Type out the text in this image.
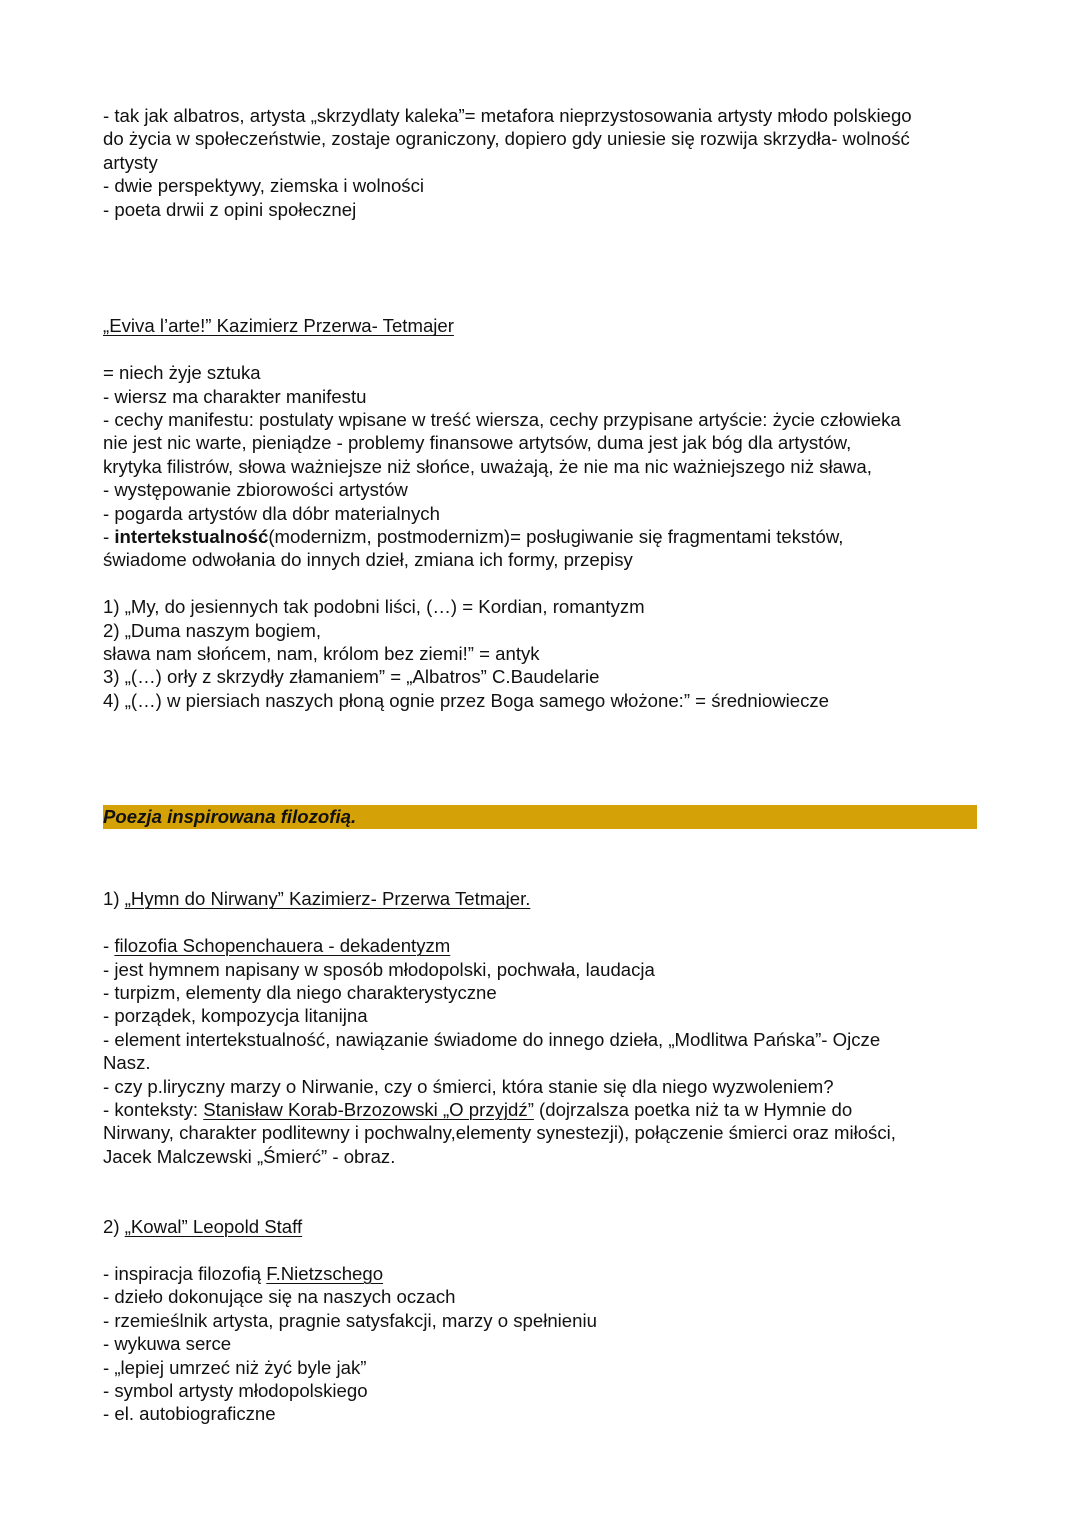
- tak jak albatros, artysta „skrzydlaty kaleka”= metafora nieprzystosowania artysty młodo polskiego
do życia w społeczeństwie, zostaje ograniczony, dopiero gdy uniesie się rozwija skrzydła- wolność
artysty
- dwie perspektywy, ziemska i wolności
- poeta drwii z opini społecznej
„Eviva l’arte!” Kazimierz Przerwa- Tetmajer
= niech żyje sztuka
- wiersz ma charakter manifestu
- cechy manifestu: postulaty wpisane w treść wiersza, cechy przypisane artyście: życie człowieka
nie jest nic warte, pieniądze - problemy finansowe artytsów, duma jest jak bóg dla artystów,
krytyka filistrów, słowa ważniejsze niż słońce, uważają, że nie ma nic ważniejszego niż sława,
- występowanie zbiorowości artystów
- pogarda artystów dla dóbr materialnych
- intertekstualność(modernizm, postmodernizm)= posługiwanie się fragmentami tekstów,
świadome odwołania do innych dzieł, zmiana ich formy, przepisy
1) „My, do jesiennych tak podobni liści, (…) = Kordian, romantyzm
2) „Duma naszym bogiem,
sława nam słońcem, nam, królom bez ziemi!” = antyk
3) „(…) orły z skrzydły złamaniem” = „Albatros” C.Baudelarie
4) „(…) w piersiach naszych płoną ognie przez Boga samego włożone:” = średniowiecze
Poezja inspirowana filozofią.
1) „Hymn do Nirwany” Kazimierz- Przerwa Tetmajer.
- filozofia Schopenchauera - dekadentyzm
- jest hymnem napisany w sposób młodopolski, pochwała, laudacja
- turpizm, elementy dla niego charakterystyczne
- porządek, kompozycja litanijna
- element intertekstualność, nawiązanie świadome do innego dzieła, „Modlitwa Pańska”- Ojcze
Nasz.
- czy p.liryczny marzy o Nirwanie, czy o śmierci, która stanie się dla niego wyzwoleniem?
- konteksty: Stanisław Korab-Brzozowski „O przyjdź” (dojrzalsza poetka niż ta w Hymnie do
Nirwany, charakter podlitewny i pochwalny,elementy synestezji), połączenie śmierci oraz miłości,
Jacek Malczewski „Śmierć” - obraz.
2) „Kowal” Leopold Staff
- inspiracja filozofią F.Nietzschego
- dzieło dokonujące się na naszych oczach
- rzemieślnik artysta, pragnie satysfakcji, marzy o spełnieniu
- wykuwa serce
- „lepiej umrzeć niż żyć byle jak”
- symbol artysty młodopolskiego
- el. autobiograficzne
